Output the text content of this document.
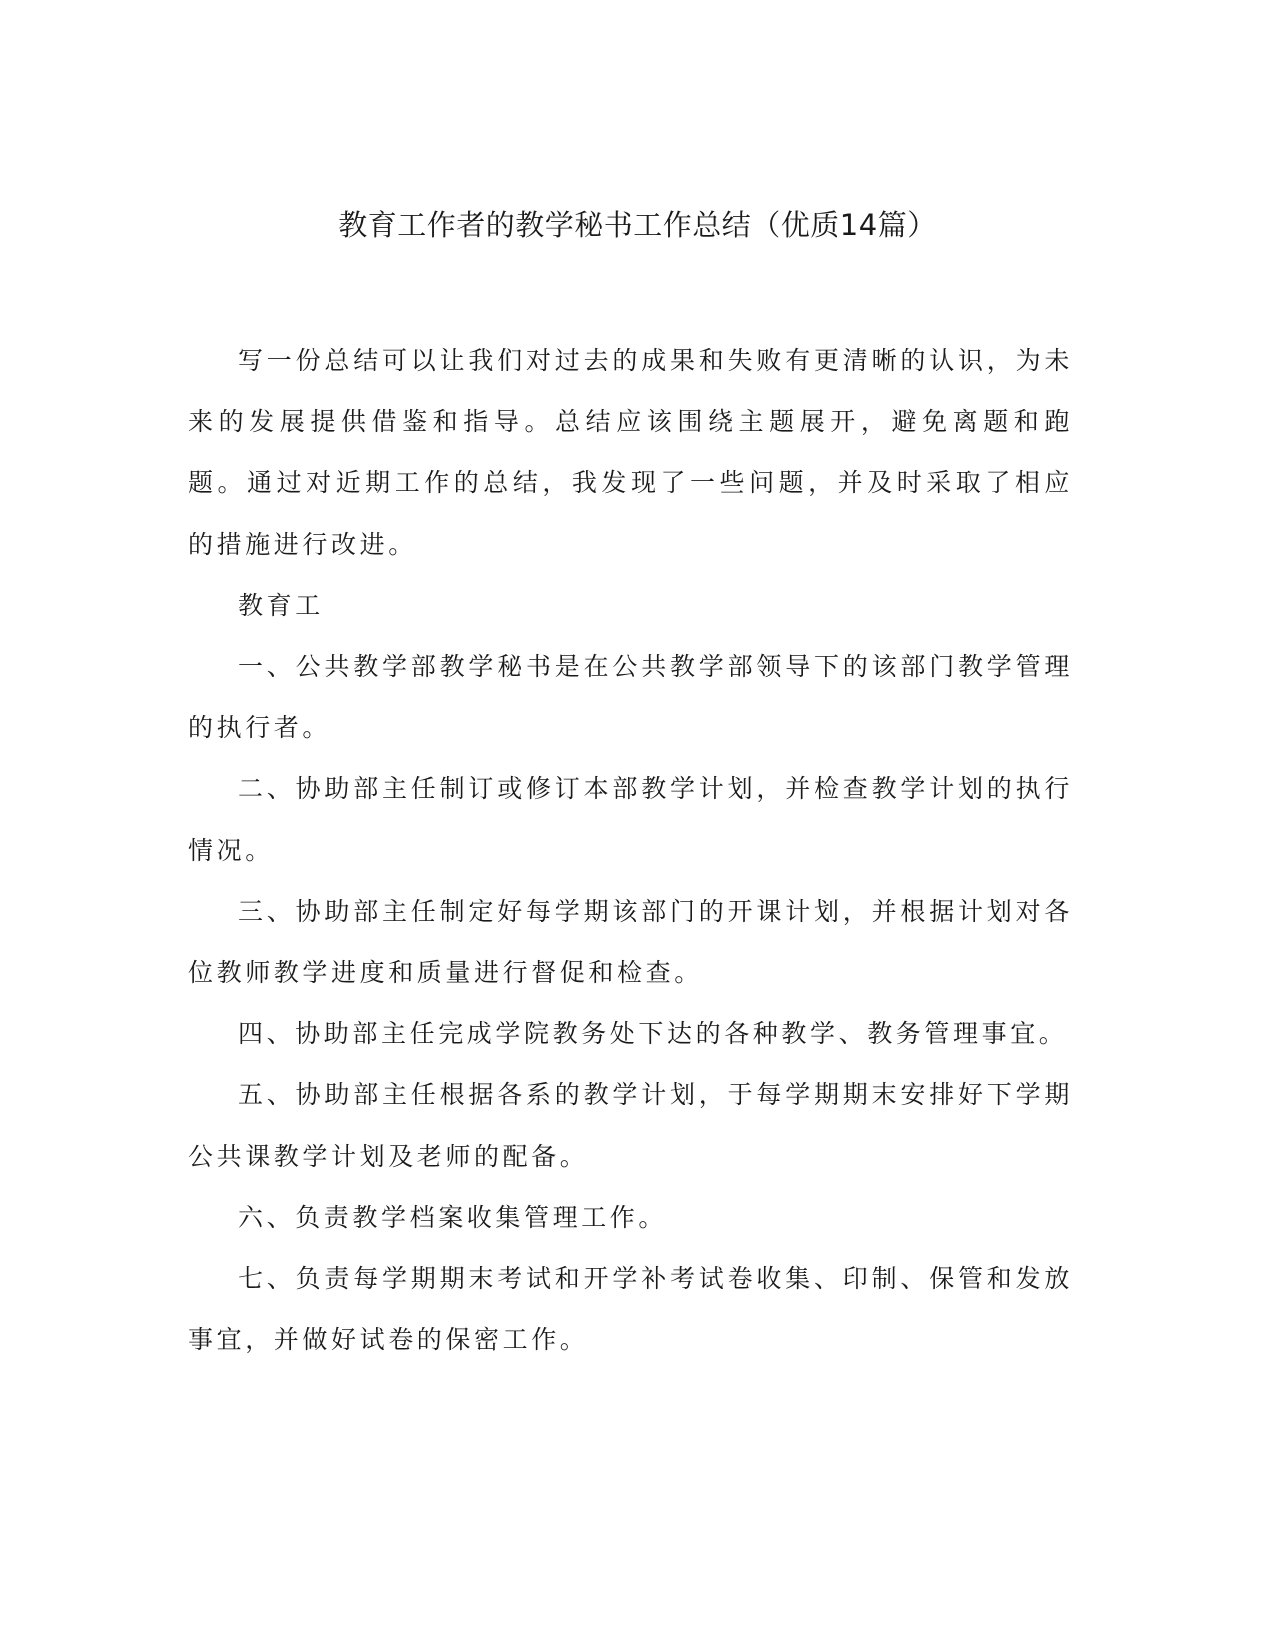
教育工作者的教学秘书工作总结（优质14篇）

写一份总结可以让我们对过去的成果和失败有更清晰的认识，为未来的发展提供借鉴和指导。总结应该围绕主题展开，避免离题和跑题。通过对近期工作的总结，我发现了一些问题，并及时采取了相应的措施进行改进。

教育工

一、公共教学部教学秘书是在公共教学部领导下的该部门教学管理的执行者。

二、协助部主任制订或修订本部教学计划，并检查教学计划的执行情况。

三、协助部主任制定好每学期该部门的开课计划，并根据计划对各位教师教学进度和质量进行督促和检查。

四、协助部主任完成学院教务处下达的各种教学、教务管理事宜。

五、协助部主任根据各系的教学计划，于每学期期末安排好下学期公共课教学计划及老师的配备。

六、负责教学档案收集管理工作。

七、负责每学期期末考试和开学补考试卷收集、印制、保管和发放事宜，并做好试卷的保密工作。
